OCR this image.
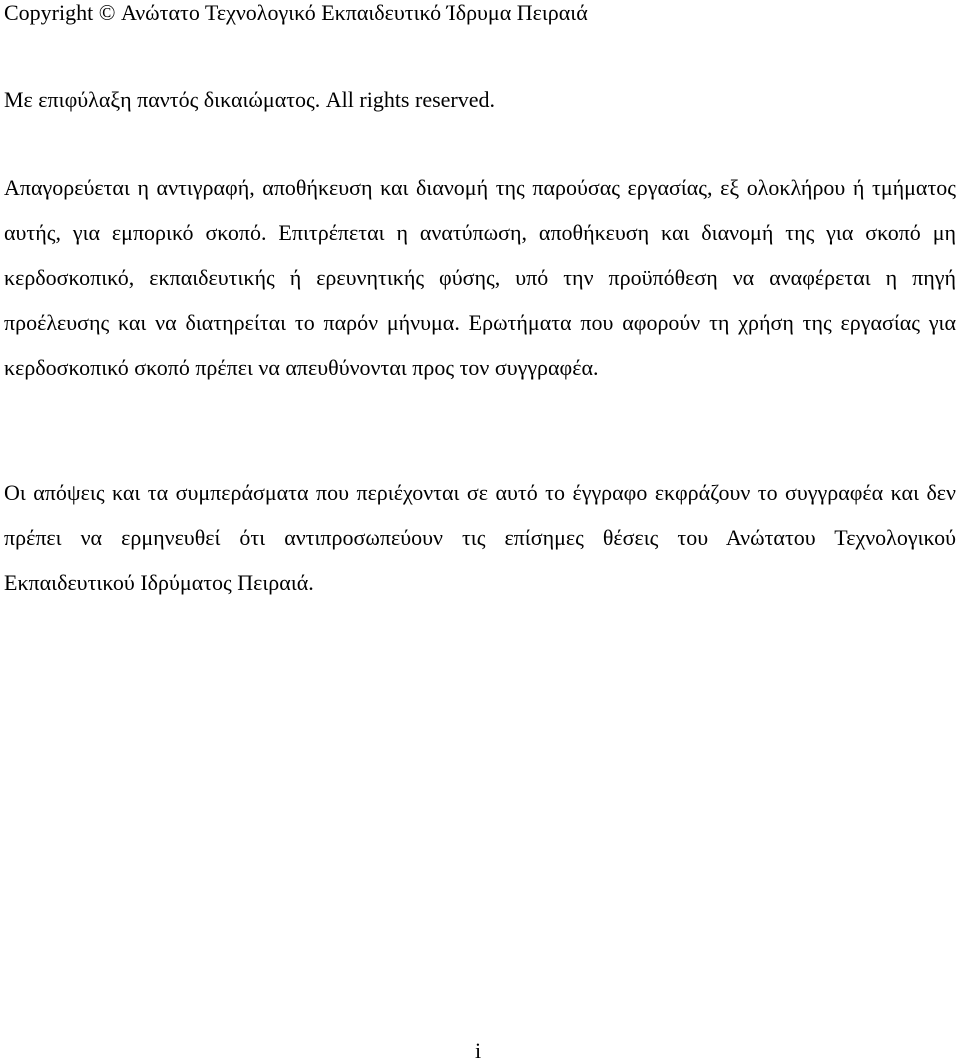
Copyright © Ανώτατο Τεχνολογικό Εκπαιδευτικό Ίδρυμα Πειραιά
Με επιφύλαξη παντός δικαιώματος. All rights reserved.

Απαγορεύεται η αντιγραφή, αποθήκευση και διανομή της παρούσας εργασίας, εξ ολοκλήρου ή τμήματος αυτής, για εμπορικό σκοπό. Επιτρέπεται η ανατύπωση, αποθήκευση και διανομή της για σκοπό μη κερδοσκοπικό, εκπαιδευτικής ή ερευνητικής φύσης, υπό την προϋπόθεση να αναφέρεται η πηγή προέλευσης και να διατηρείται το παρόν μήνυμα. Ερωτήματα που αφορούν τη χρήση της εργασίας για κερδοσκοπικό σκοπό πρέπει να απευθύνονται προς τον συγγραφέα.

Οι απόψεις και τα συμπεράσματα που περιέχονται σε αυτό το έγγραφο εκφράζουν το συγγραφέα και δεν πρέπει να ερμηνευθεί ότι αντιπροσωπεύουν τις επίσημες θέσεις του Ανώτατου Τεχνολογικού Εκπαιδευτικού Ιδρύματος Πειραιά.

i
